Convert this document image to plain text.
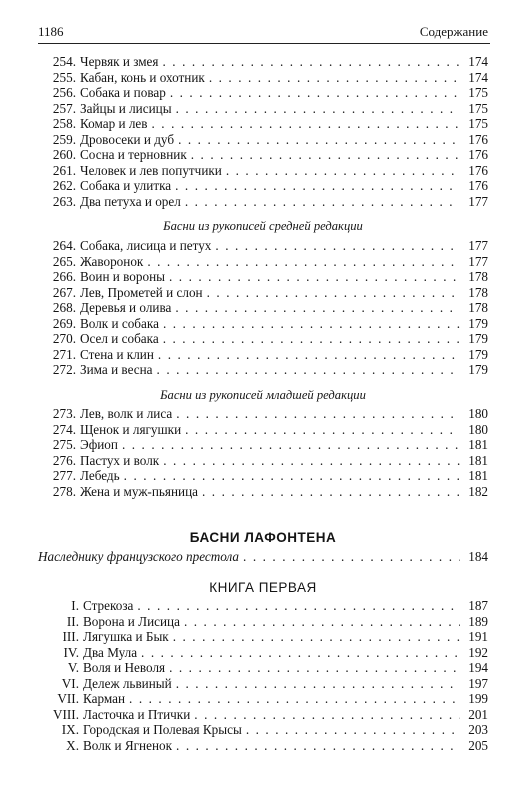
1186	Содержание
254. Червяк и змея . . .	174
255. Кабан, конь и охотник . . .	174
256. Собака и повар . . .	175
257. Зайцы и лисицы . . .	175
258. Комар и лев . . .	175
259. Дровосеки и дуб . . .	176
260. Сосна и терновник . . .	176
261. Человек и лев попутчики . . .	176
262. Собака и улитка . . .	176
263. Два петуха и орел . . .	177
Басни из рукописей средней редакции
264. Собака, лисица и петух . . .	177
265. Жаворонок . . .	177
266. Воин и вороны . . .	178
267. Лев, Прометей и слон . . .	178
268. Деревья и олива . . .	178
269. Волк и собака . . .	179
270. Осел и собака . . .	179
271. Стена и клин . . .	179
272. Зима и весна . . .	179
Басни из рукописей младшей редакции
273. Лев, волк и лиса . . .	180
274. Щенок и лягушки . . .	180
275. Эфиоп . . .	181
276. Пастух и волк . . .	181
277. Лебедь . . .	181
278. Жена и муж-пьяница . . .	182
БАСНИ ЛАФОНТЕНА
Наследнику французского престола . . .	184
КНИГА ПЕРВАЯ
I. Стрекоза . . .	187
II. Ворона и Лисица . . .	189
III. Лягушка и Бык . . .	191
IV. Два Мула . . .	192
V. Воля и Неволя . . .	194
VI. Дележ львиный . . .	197
VII. Карман . . .	199
VIII. Ласточка и Птички . . .	201
IX. Городская и Полевая Крысы . . .	203
X. Волк и Ягненок . . .	205
